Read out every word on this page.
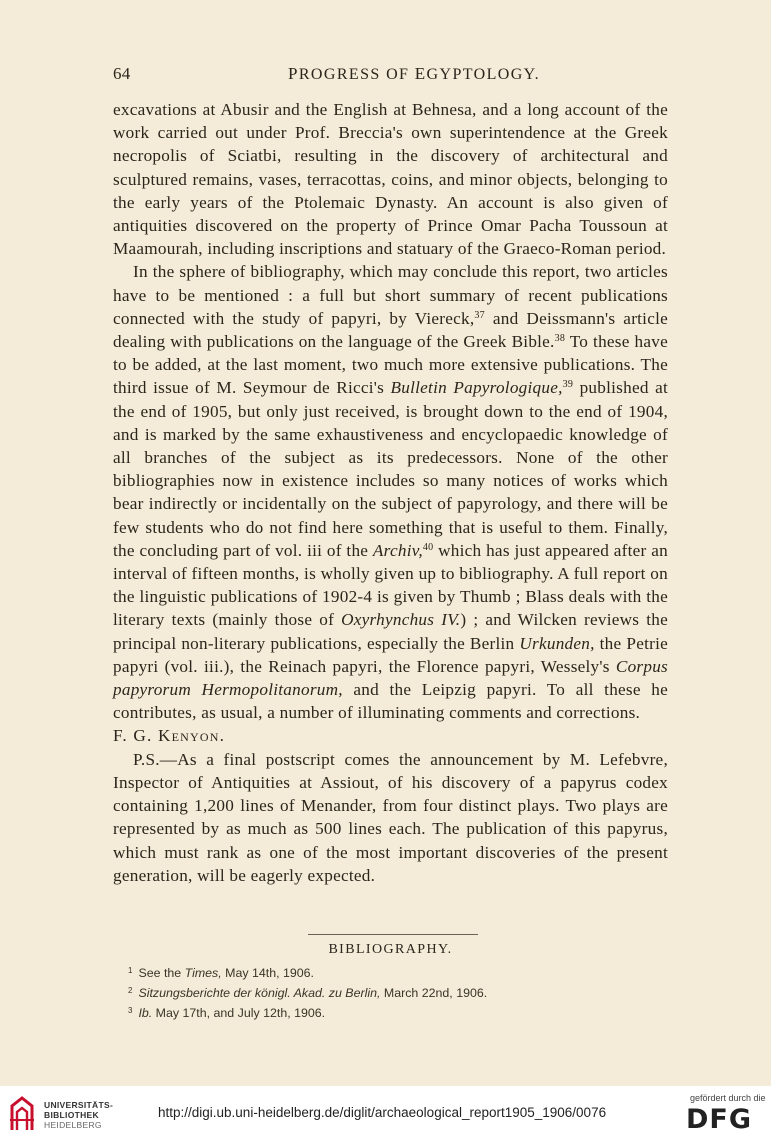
64	PROGRESS OF EGYPTOLOGY.

excavations at Abusir and the English at Behnesa, and a long account of the work carried out under Prof. Breccia's own superintendence at the Greek necropolis of Sciatbi, resulting in the discovery of architectural and sculptured remains, vases, terracottas, coins, and minor objects, belonging to the early years of the Ptolemaic Dynasty. An account is also given of antiquities discovered on the property of Prince Omar Pacha Toussoun at Maamourah, including inscriptions and statuary of the Graeco-Roman period.

In the sphere of bibliography, which may conclude this report, two articles have to be mentioned : a full but short summary of recent publications connected with the study of papyri, by Viereck,$^{37}$ and Deissmann's article dealing with publications on the language of the Greek Bible.$^{38}$ To these have to be added, at the last moment, two much more extensive publications. The third issue of M. Seymour de Ricci's Bulletin Papyrologique,$^{39}$ published at the end of 1905, but only just received, is brought down to the end of 1904, and is marked by the same exhaustiveness and encyclopaedic knowledge of all branches of the subject as its predecessors. None of the other bibliographies now in existence includes so many notices of works which bear indirectly or incidentally on the subject of papyrology, and there will be few students who do not find here something that is useful to them. Finally, the concluding part of vol. iii of the Archiv,$^{40}$ which has just appeared after an interval of fifteen months, is wholly given up to bibliography. A full report on the linguistic publications of 1902-4 is given by Thumb ; Blass deals with the literary texts (mainly those of Oxyrhynchus IV.) ; and Wilcken reviews the principal non-literary publications, especially the Berlin Urkunden, the Petrie papyri (vol. iii.), the Reinach papyri, the Florence papyri, Wessely's Corpus papyrorum Hermopolitanorum, and the Leipzig papyri. To all these he contributes, as usual, a number of illuminating comments and corrections.

F. G. Kenyon.

P.S.—As a final postscript comes the announcement by M. Lefebvre, Inspector of Antiquities at Assiout, of his discovery of a papyrus codex containing 1,200 lines of Menander, from four distinct plays. Two plays are represented by as much as 500 lines each. The publication of this papyrus, which must rank as one of the most important discoveries of the present generation, will be eagerly expected.

BIBLIOGRAPHY.
$^1$ See the Times, May 14th, 1906.
$^2$ Sitzungsberichte der königl. Akad. zu Berlin, March 22nd, 1906.
$^3$ Ib. May 17th, and July 12th, 1906.
UNIVERSITÄTS-
BIBLIOTHEK
HEIDELBERG
http://digi.ub.uni-heidelberg.de/diglit/archaeological_report1905_1906/0076
gefördert durch die
DFG
